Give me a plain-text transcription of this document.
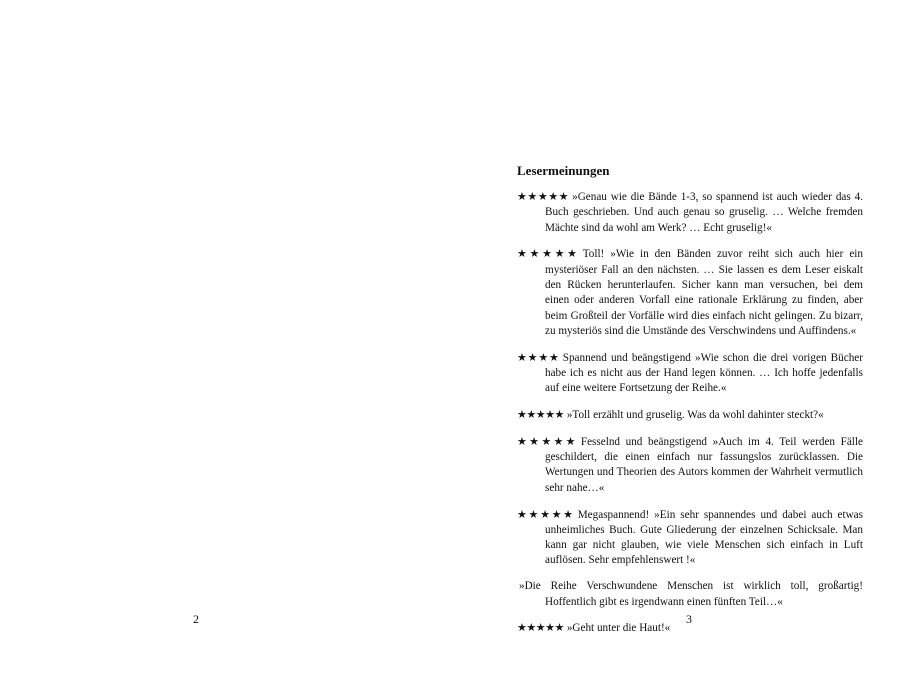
2
Lesermeinungen

★★★★★ »Genau wie die Bände 1-3, so spannend ist auch wieder das 4. Buch geschrieben. Und auch genau so gruselig. … Welche fremden Mächte sind da wohl am Werk? … Echt gruselig!«

★★★★★ Toll! »Wie in den Bänden zuvor reiht sich auch hier ein mysteriöser Fall an den nächsten. … Sie lassen es dem Leser eiskalt den Rücken herunterlaufen. Sicher kann man versuchen, bei dem einen oder anderen Vorfall eine rationale Erklärung zu finden, aber beim Großteil der Vorfälle wird dies einfach nicht gelingen. Zu bizarr, zu mysteriös sind die Umstände des Verschwindens und Auffindens.«

★★★★ Spannend und beängstigend »Wie schon die drei vorigen Bücher habe ich es nicht aus der Hand legen können. … Ich hoffe jedenfalls auf eine weitere Fortsetzung der Reihe.«

★★★★★ »Toll erzählt und gruselig. Was da wohl dahinter steckt?«

★★★★★ Fesselnd und beängstigend »Auch im 4. Teil werden Fälle geschildert, die einen einfach nur fassungslos zurücklassen. Die Wertungen und Theorien des Autors kommen der Wahrheit vermutlich sehr nahe…«

★★★★★ Megaspannend! »Ein sehr spannendes und dabei auch etwas unheimliches Buch. Gute Gliederung der einzelnen Schicksale. Man kann gar nicht glauben, wie viele Menschen sich einfach in Luft auflösen. Sehr empfehlenswert !«

»Die Reihe Verschwundene Menschen ist wirklich toll, großartig! Hoffentlich gibt es irgendwann einen fünften Teil…«

★★★★★ »Geht unter die Haut!«

3
